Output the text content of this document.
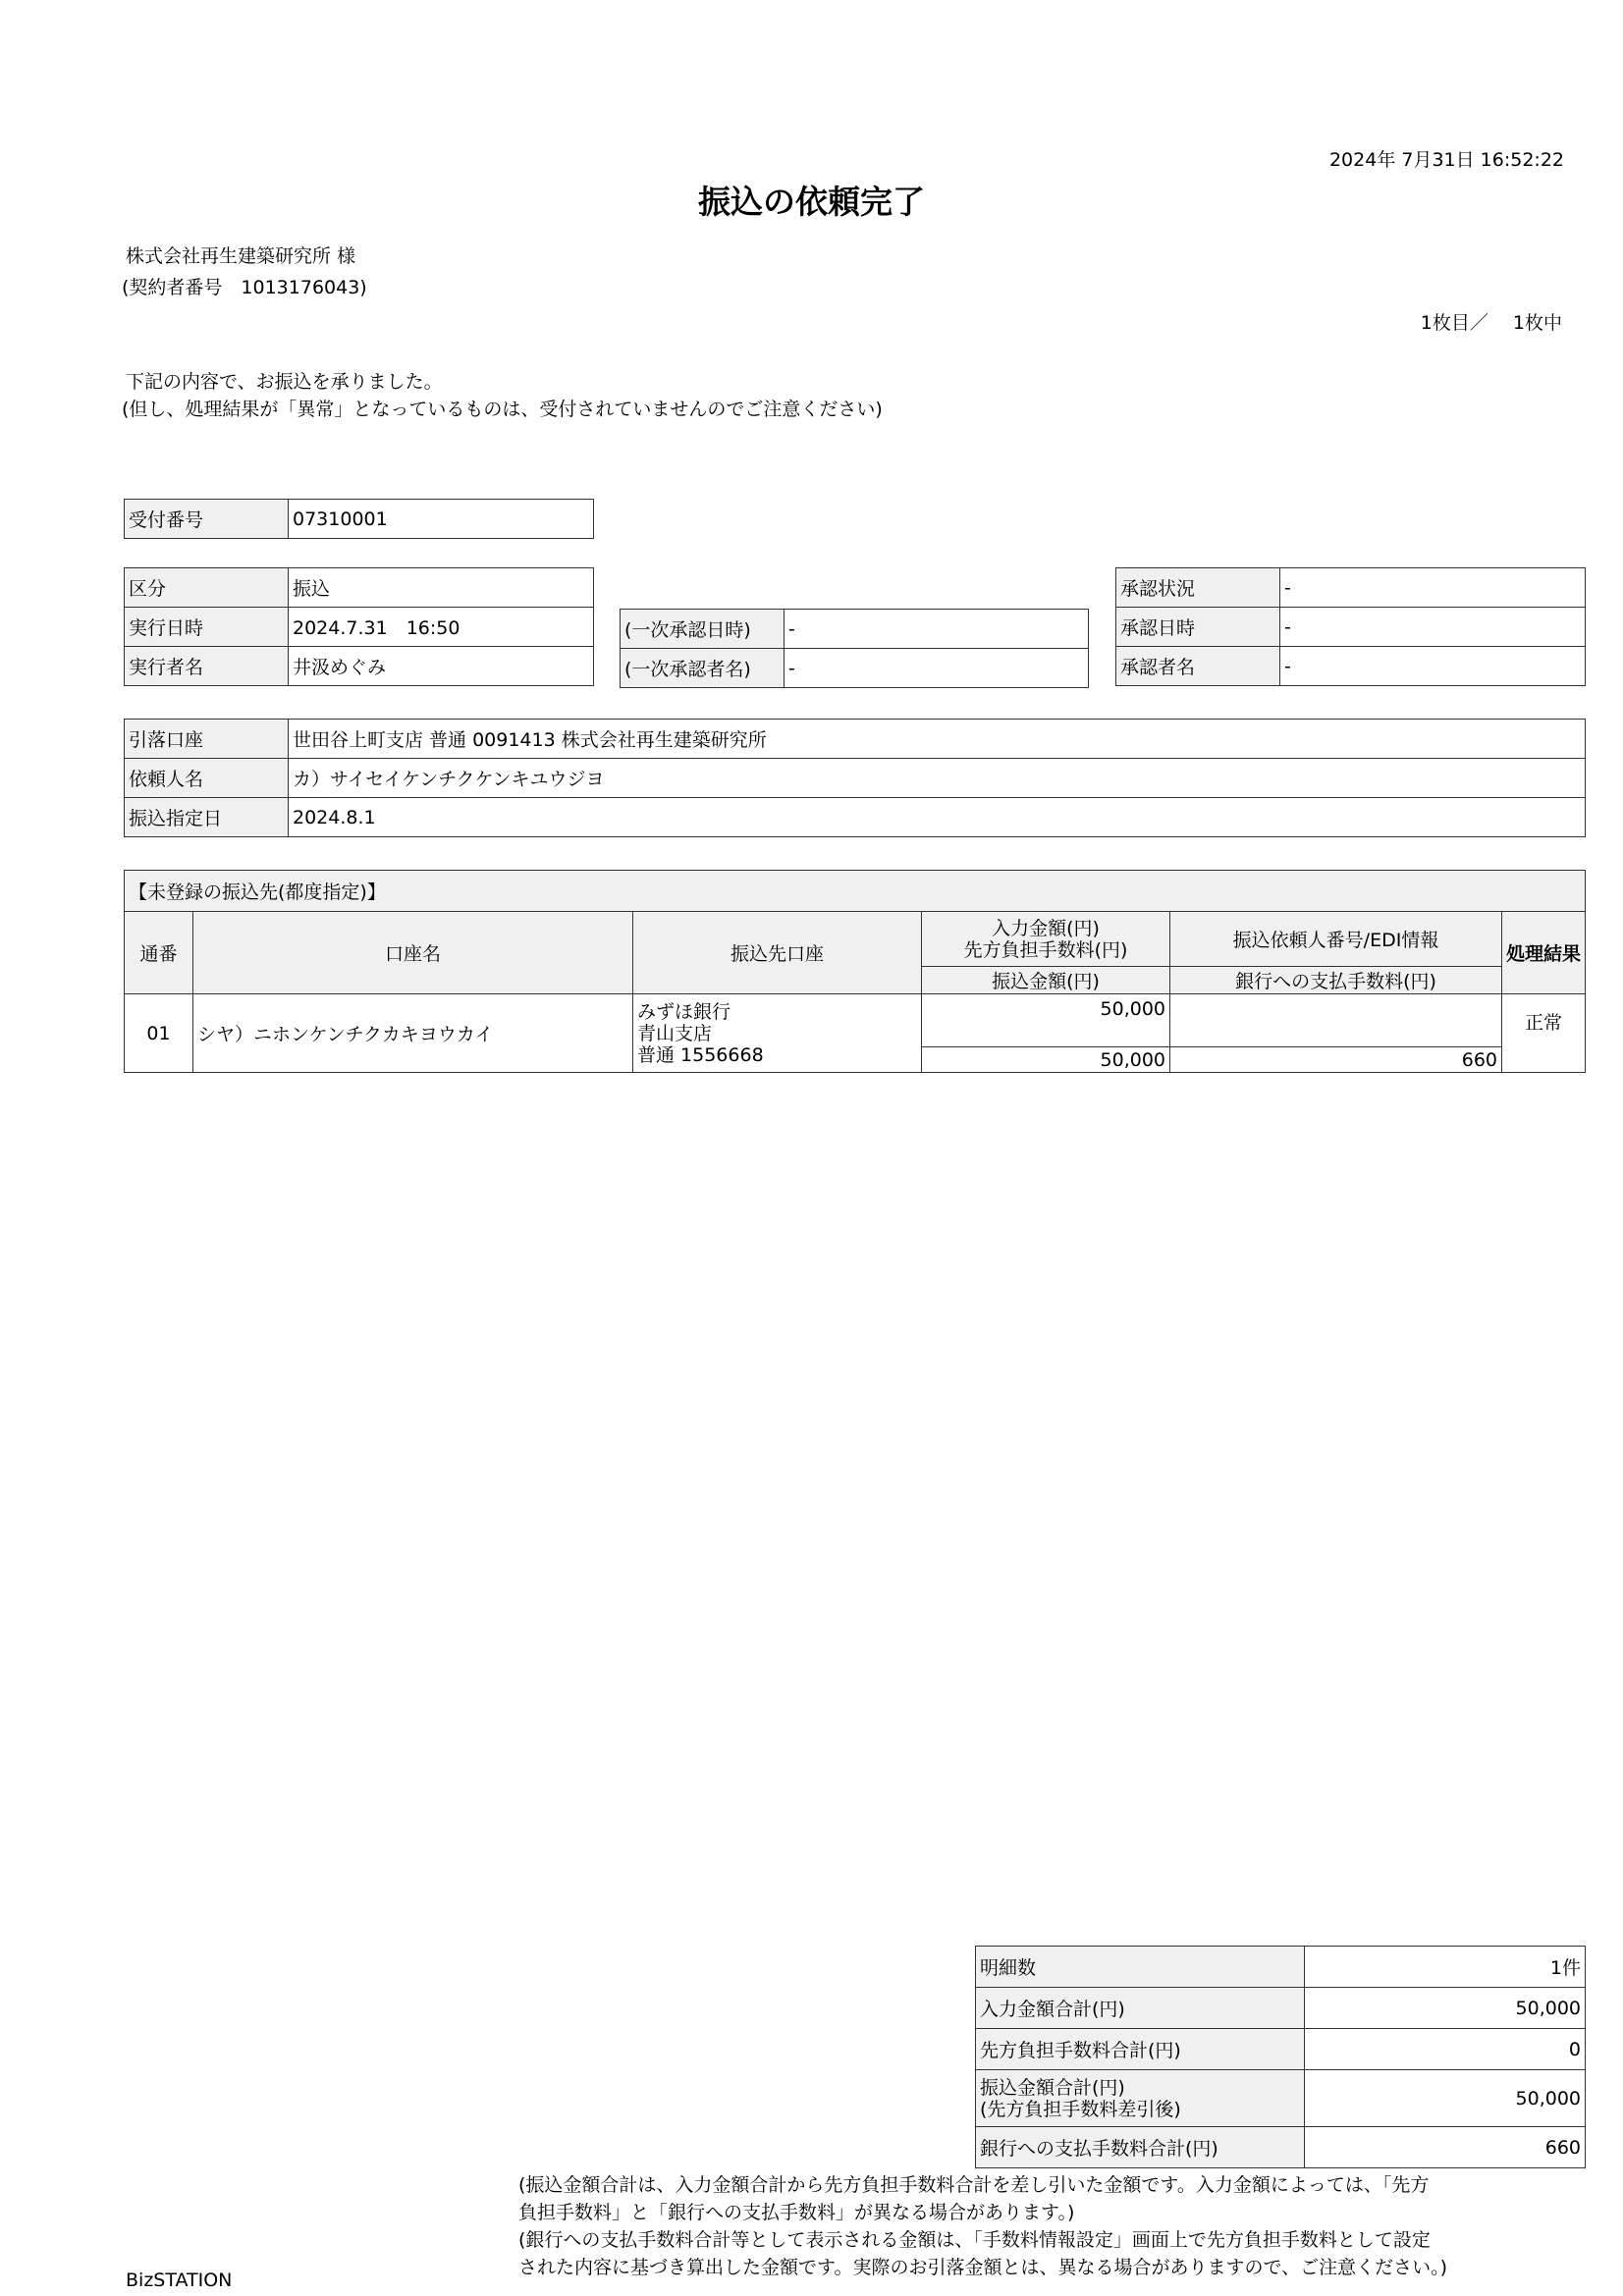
2024年 7月31日 16:52:22
振込の依頼完了
株式会社再生建築研究所 様
(契約者番号　1013176043)
1枚目／　 1枚中
下記の内容で、お振込を承りました。
(但し、処理結果が「異常」となっているものは、受付されていませんのでご注意ください)
受付番号	07310001
区分	振込
実行日時	2024.7.31　16:50
実行者名	井汲めぐみ
(一次承認日時)	-
(一次承認者名)	-
承認状況	-
承認日時	-
承認者名	-
引落口座	世田谷上町支店 普通 0091413 株式会社再生建築研究所
依頼人名	カ）サイセイケンチクケンキユウジヨ
振込指定日	2024.8.1
【未登録の振込先(都度指定)】					
通番	口座名	振込先口座	入力金額(円)
先方負担手数料(円)	振込依頼人番号/EDI情報	処理結果
			振込金額(円)	銀行への支払手数料(円)	
01	シヤ）ニホンケンチクカキヨウカイ	みずほ銀行
青山支店
普通 1556668	50,000		正常
			50,000	660	
明細数	1件
入力金額合計(円)	50,000
先方負担手数料合計(円)	0

振込金額合計(円)
(先方負担手数料差引後)	50,000
銀行への支払手数料合計(円)	660
(振込金額合計は、入力金額合計から先方負担手数料合計を差し引いた金額です。入力金額によっては、「先方
負担手数料」と「銀行への支払手数料」が異なる場合があります。)
(銀行への支払手数料合計等として表示される金額は、「手数料情報設定」画面上で先方負担手数料として設定
された内容に基づき算出した金額です。実際のお引落金額とは、異なる場合がありますので、ご注意ください。)
BizSTATION
